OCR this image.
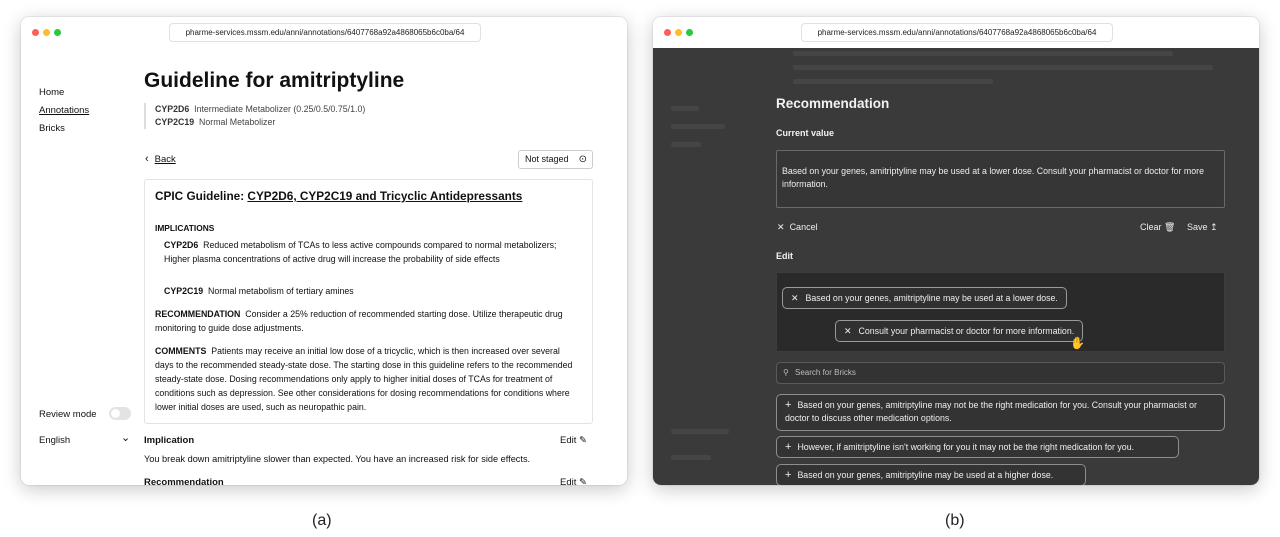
pharme-services.mssm.edu/anni/annotations/6407768a92a4868065b6c0ba/64
Home
Annotations
Bricks
Review mode
English	⌄
Guideline for amitriptyline
CYP2D6 Intermediate Metabolizer (0.25/0.5/0.75/1.0)
CYP2C19 Normal Metabolizer
‹ Back	Not staged ⊙
CPIC Guideline: CYP2D6, CYP2C19 and Tricyclic Antidepressants
IMPLICATIONS
CYP2D6 Reduced metabolism of TCAs to less active compounds compared to normal metabolizers; Higher plasma concentrations of active drug will increase the probability of side effects
CYP2C19 Normal metabolism of tertiary amines
RECOMMENDATION Consider a 25% reduction of recommended starting dose. Utilize therapeutic drug monitoring to guide dose adjustments.
COMMENTS Patients may receive an initial low dose of a tricyclic, which is then increased over several days to the recommended steady-state dose. The starting dose in this guideline refers to the recommended steady-state dose. Dosing recommendations only apply to higher initial doses of TCAs for treatment of conditions such as depression. See other considerations for dosing recommendations for conditions where lower initial doses are used, such as neuropathic pain.
Implication	Edit ✎
You break down amitriptyline slower than expected. You have an increased risk for side effects.
Recommendation	Edit ✎
pharme-services.mssm.edu/anni/annotations/6407768a92a4868065b6c0ba/64
Recommendation
Current value
Based on your genes, amitriptyline may be used at a lower dose. Consult your pharmacist or doctor for more information.
✕ Cancel	Clear 🗑 Save ↥
Edit
✕ Based on your genes, amitriptyline may be used at a lower dose.
✕ Consult your pharmacist or doctor for more information.
✋
⚲ Search for Bricks
+ Based on your genes, amitriptyline may not be the right medication for you. Consult your pharmacist or doctor to discuss other medication options.
+ However, if amitriptyline isn't working for you it may not be the right medication for you.
+ Based on your genes, amitriptyline may be used at a higher dose.
(a)	(b)
